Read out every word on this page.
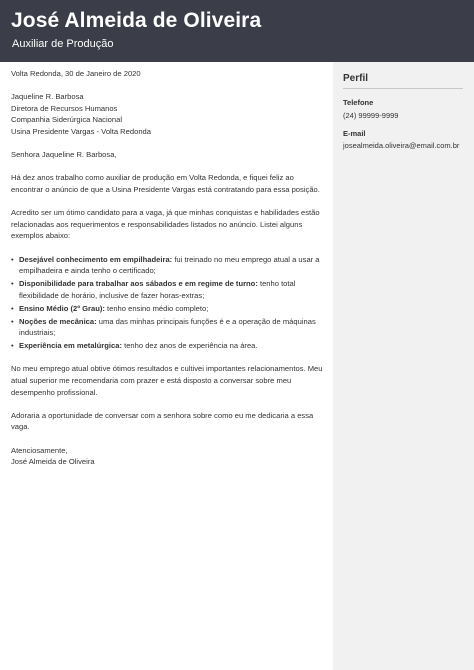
José Almeida de Oliveira
Auxiliar de Produção
Perfil
Telefone
(24) 99999-9999
E-mail
josealmeida.oliveira@email.com.br

Volta Redonda, 30 de Janeiro de 2020

Jaqueline R. Barbosa
Diretora de Recursos Humanos
Companhia Siderúrgica Nacional
Usina Presidente Vargas - Volta Redonda

Senhora Jaqueline R. Barbosa,

Há dez anos trabalho como auxiliar de produção em Volta Redonda, e fiquei feliz ao encontrar o anúncio de que a Usina Presidente Vargas está contratando para essa posição.

Acredito ser um ótimo candidato para a vaga, já que minhas conquistas e habilidades estão relacionadas aos requerimentos e responsabilidades listados no anúncio. Listei alguns exemplos abaixo:

• Desejável conhecimento em empilhadeira: fui treinado no meu emprego atual a usar a empilhadeira e ainda tenho o certificado;
• Disponibilidade para trabalhar aos sábados e em regime de turno: tenho total flexibilidade de horário, inclusive de fazer horas-extras;
• Ensino Médio (2º Grau): tenho ensino médio completo;
• Noções de mecânica: uma das minhas principais funções é e a operação de máquinas industriais;
• Experiência em metalúrgica: tenho dez anos de experiência na área.

No meu emprego atual obtive ótimos resultados e cultivei importantes relacionamentos. Meu atual superior me recomendaria com prazer e está disposto a conversar sobre meu desempenho profissional.

Adoraria a oportunidade de conversar com a senhora sobre como eu me dedicaria a essa vaga.

Atenciosamente,
José Almeida de Oliveira
